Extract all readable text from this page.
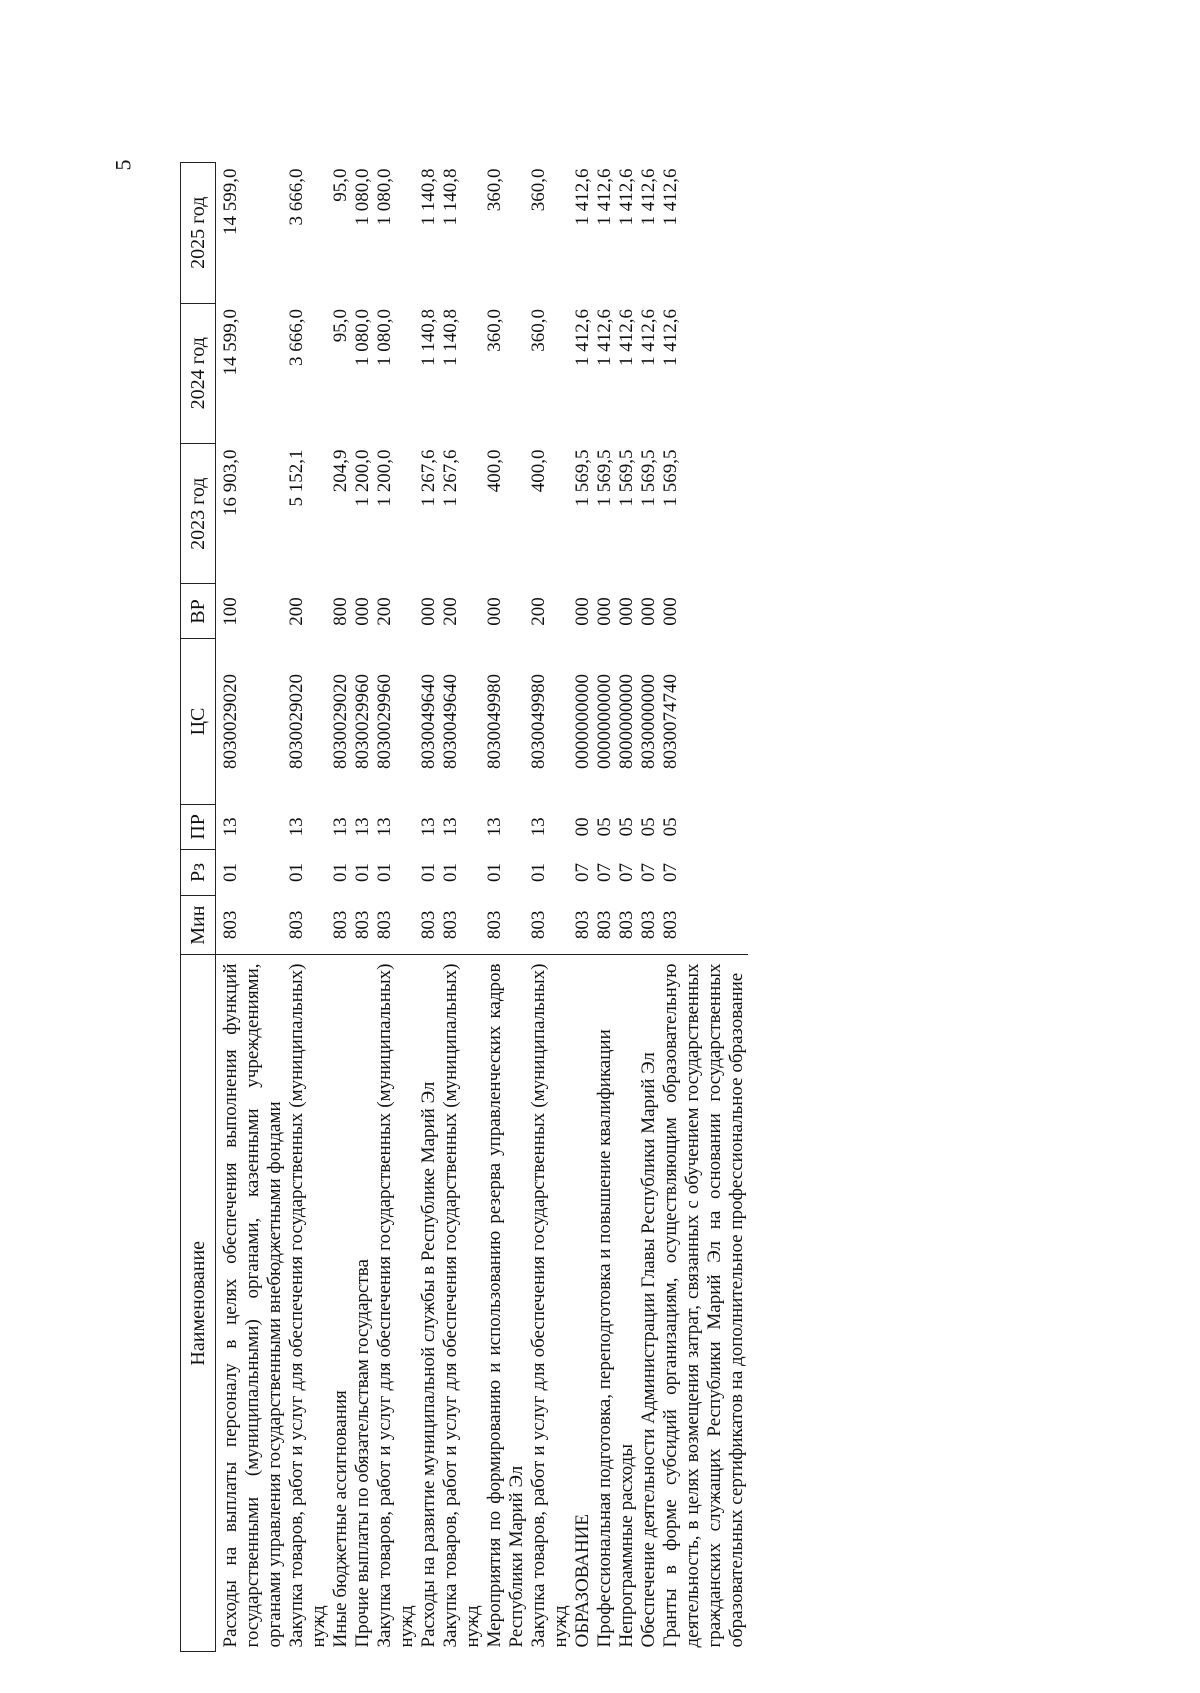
5
Наименование	Мин	Рз	ПР	ЦС	ВР	2023 год	2024 год	2025 год
Расходы на выплаты персоналу в целях обеспечения выполнения функций государственными (муниципальными) органами, казенными учреждениями, органами управления государственными внебюджетными фондами	803	01	13	8030029020	100	16 903,0	14 599,0	14 599,0
Закупка товаров, работ и услуг для обеспечения государственных (муниципальных) нужд	803	01	13	8030029020	200	5 152,1	3 666,0	3 666,0
Иные бюджетные ассигнования	803	01	13	8030029020	800	204,9	95,0	95,0
Прочие выплаты по обязательствам государства	803	01	13	8030029960	000	1 200,0	1 080,0	1 080,0
Закупка товаров, работ и услуг для обеспечения государственных (муниципальных) нужд	803	01	13	8030029960	200	1 200,0	1 080,0	1 080,0
Расходы на развитие муниципальной службы в Республике Марий Эл	803	01	13	8030049640	000	1 267,6	1 140,8	1 140,8
Закупка товаров, работ и услуг для обеспечения государственных (муниципальных) нужд	803	01	13	8030049640	200	1 267,6	1 140,8	1 140,8
Мероприятия по формированию и использованию резерва управленческих кадров Республики Марий Эл	803	01	13	8030049980	000	400,0	360,0	360,0
Закупка товаров, работ и услуг для обеспечения государственных (муниципальных) нужд	803	01	13	8030049980	200	400,0	360,0	360,0
ОБРАЗОВАНИЕ	803	07	00	0000000000	000	1 569,5	1 412,6	1 412,6
Профессиональная подготовка, переподготовка и повышение квалификации	803	07	05	0000000000	000	1 569,5	1 412,6	1 412,6
Непрограммные расходы	803	07	05	8000000000	000	1 569,5	1 412,6	1 412,6
Обеспечение деятельности Администрации Главы Республики Марий Эл	803	07	05	8030000000	000	1 569,5	1 412,6	1 412,6
Гранты в форме субсидий организациям, осуществляющим образовательную деятельность, в целях возмещения затрат, связанных с обучением государственных гражданских служащих Республики Марий Эл на основании государственных образовательных сертификатов на дополнительное профессиональное образование	803	07	05	8030074740	000	1 569,5	1 412,6	1 412,6
